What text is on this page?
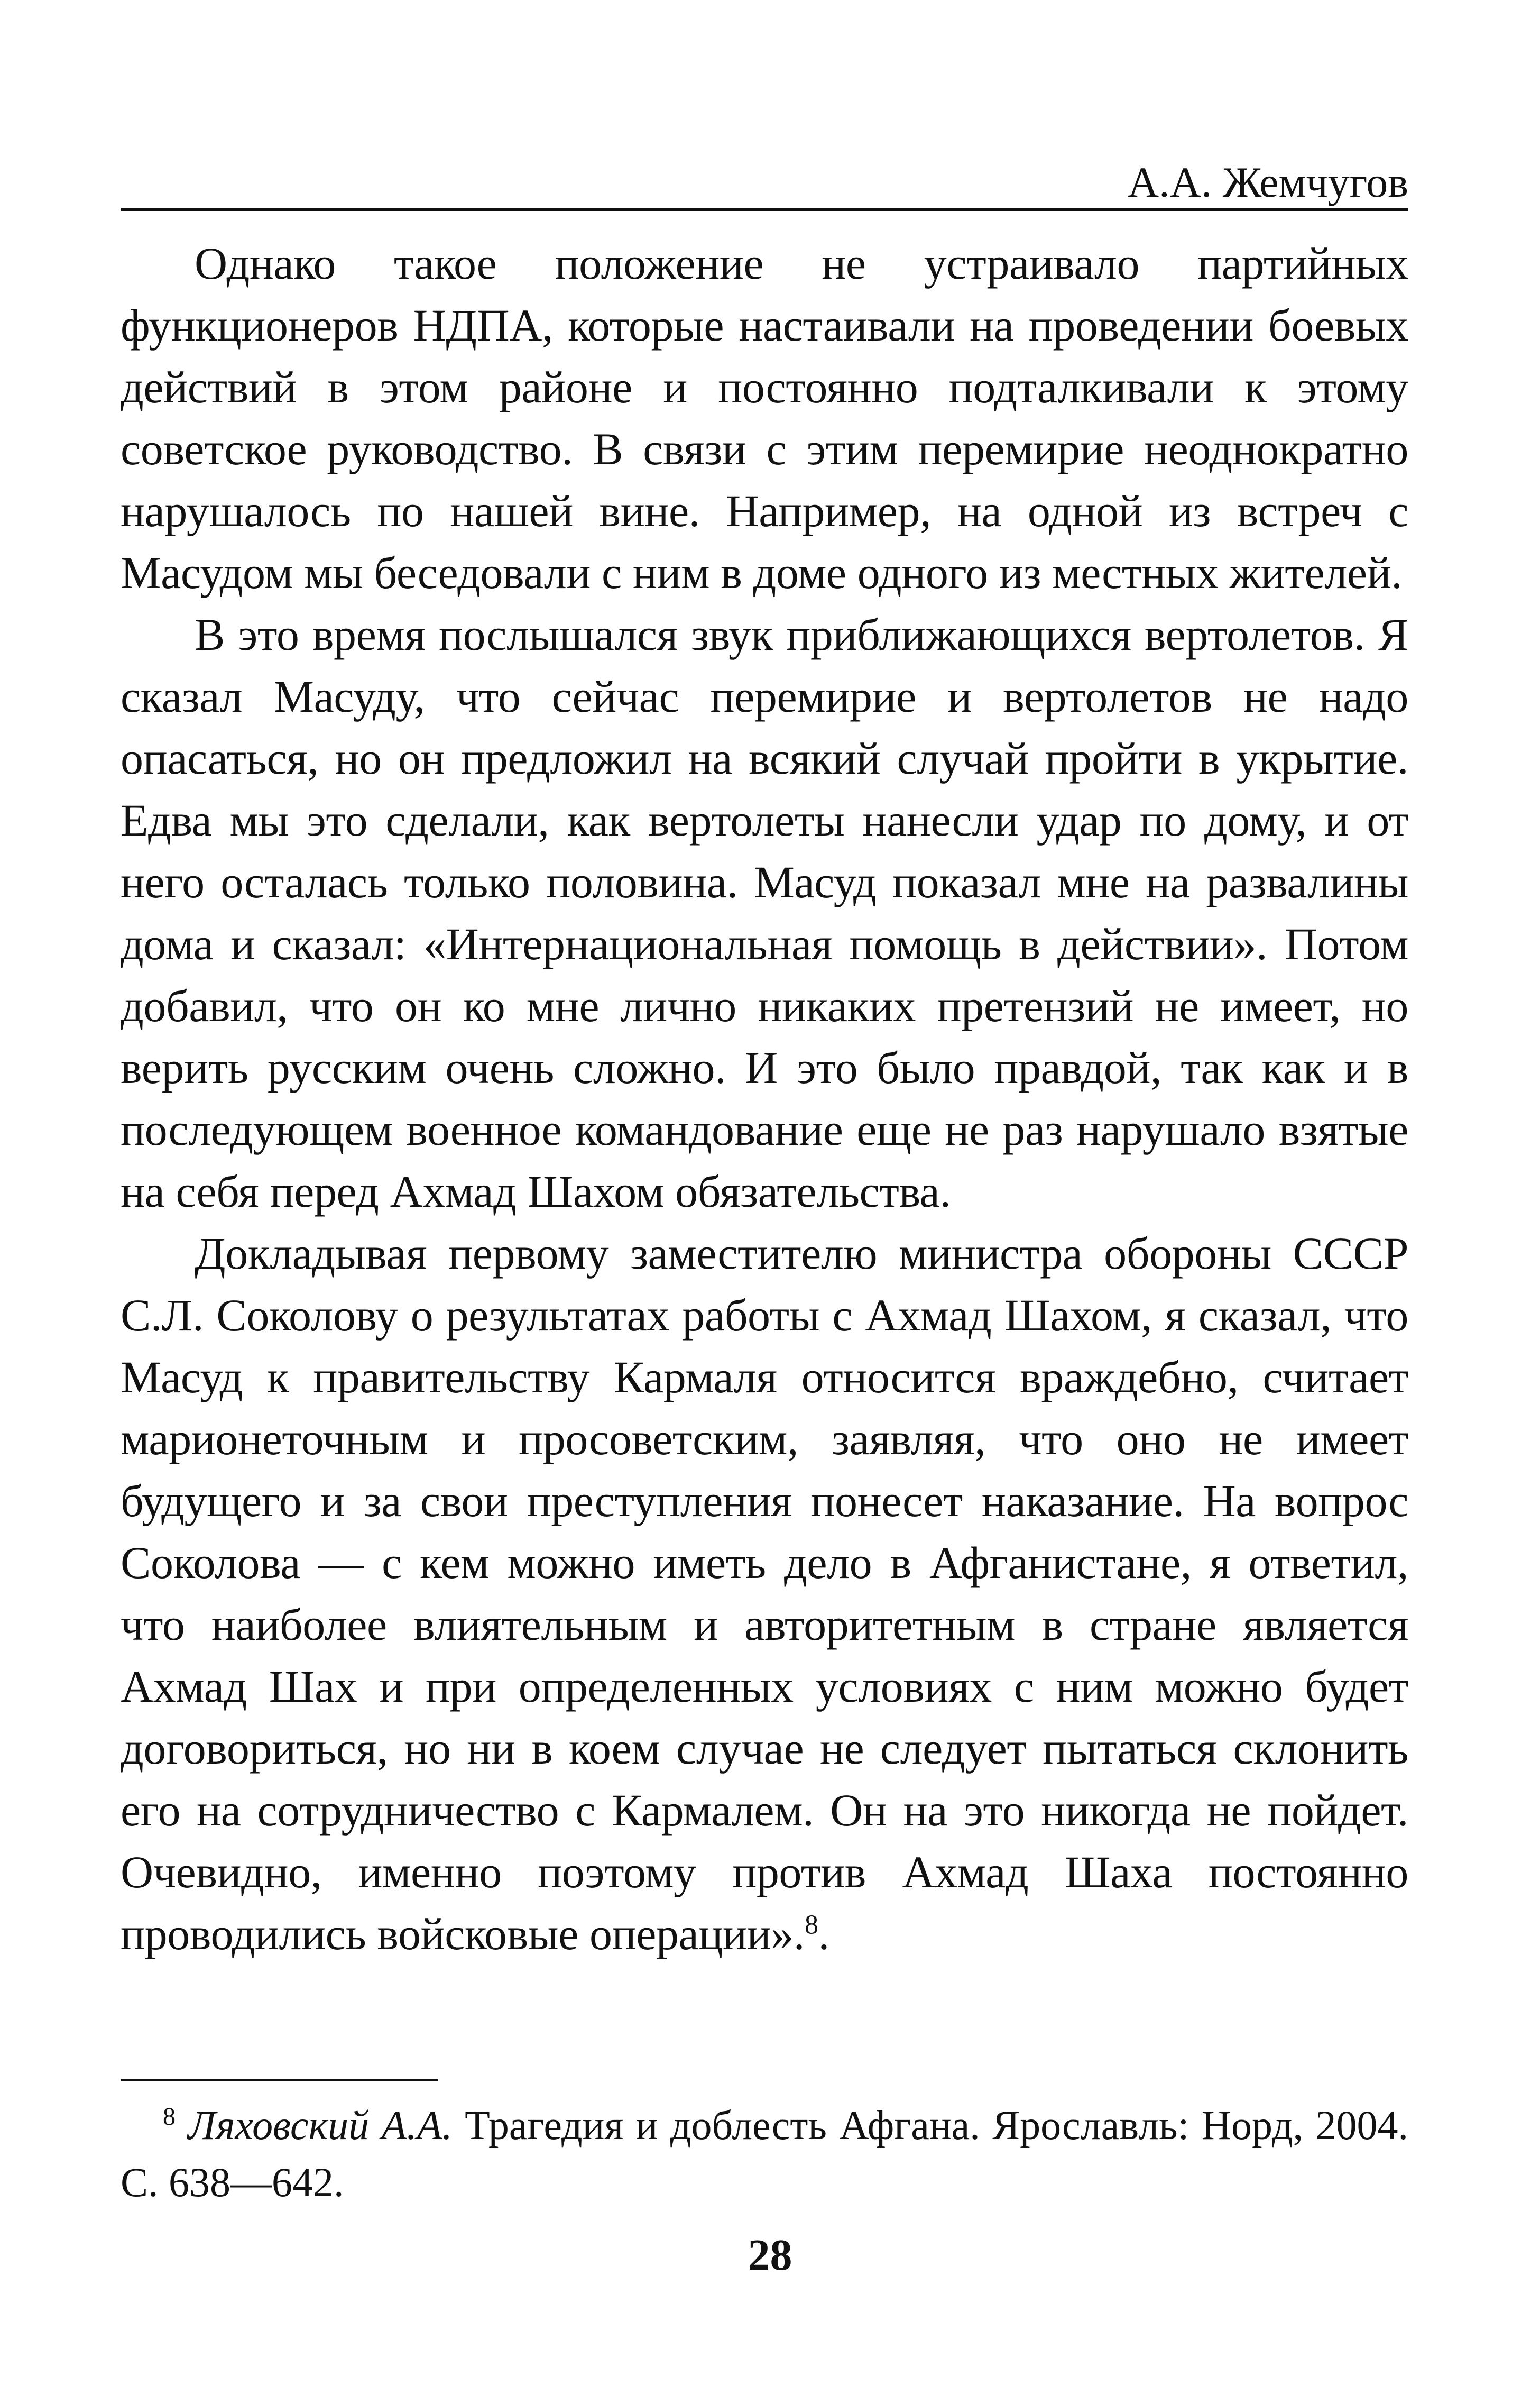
А.А. Жемчугов

Однако такое положение не устраивало партийных функционеров НДПА, которые настаивали на проведении боевых действий в этом районе и постоянно подталкивали к этому советское руководство. В связи с этим перемирие неоднократно нарушалось по нашей вине. Например, на одной из встреч с Масудом мы беседовали с ним в доме одного из местных жителей.

В это время послышался звук приближающихся вертолетов. Я сказал Масуду, что сейчас перемирие и вертолетов не надо опасаться, но он предложил на всякий случай пройти в укрытие. Едва мы это сделали, как вертолеты нанесли удар по дому, и от него осталась только половина. Масуд показал мне на развалины дома и сказал: «Интернациональная помощь в действии». Потом добавил, что он ко мне лично никаких претензий не имеет, но верить русским очень сложно. И это было правдой, так как и в последующем военное командование еще не раз нарушало взятые на себя перед Ахмад Шахом обязательства.

Докладывая первому заместителю министра обороны СССР С.Л. Соколову о результатах работы с Ахмад Шахом, я сказал, что Масуд к правительству Кармаля относится враждебно, считает марионеточным и просоветским, заявляя, что оно не имеет будущего и за свои преступления понесет наказание. На вопрос Соколова — с кем можно иметь дело в Афганистане, я ответил, что наиболее влиятельным и авторитетным в стране является Ахмад Шах и при определенных условиях с ним можно будет договориться, но ни в коем случае не следует пытаться склонить его на сотрудничество с Кармалем. Он на это никогда не пойдет. Очевидно, именно поэтому против Ахмад Шаха постоянно проводились войсковые операции».$^8$.

$^8$ Ляховский А.А. Трагедия и доблесть Афгана. Ярославль: Норд, 2004. С. 638—642.
28
